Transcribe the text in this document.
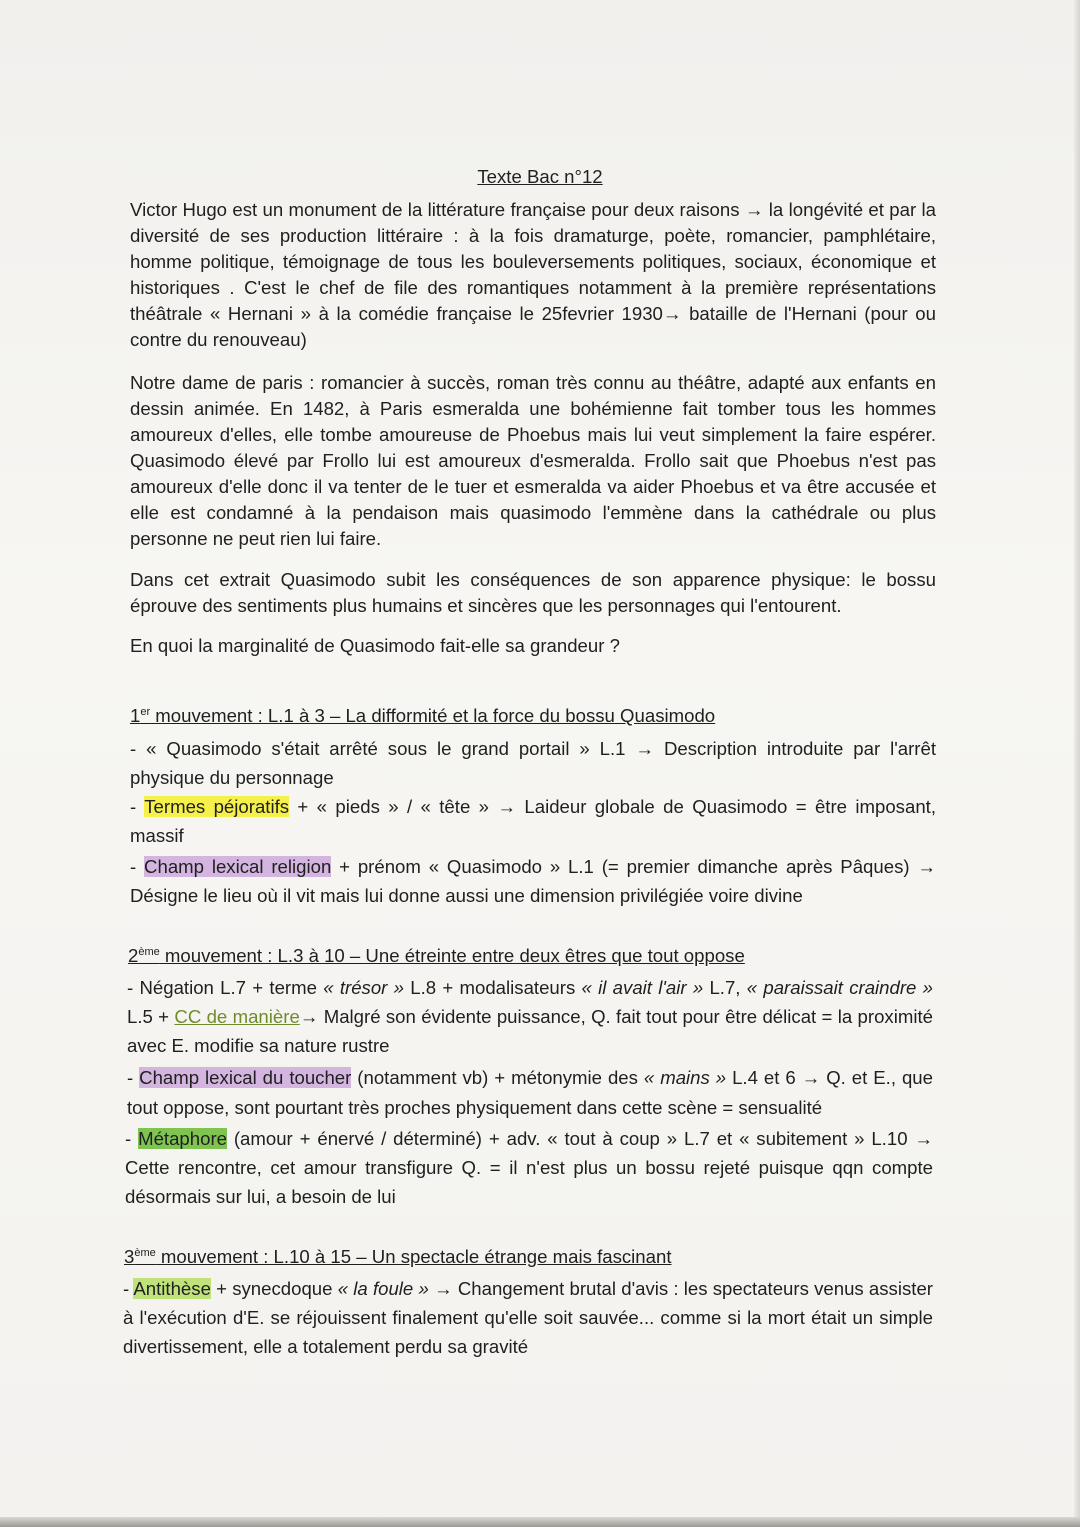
Texte Bac n°12

Victor Hugo est un monument de la littérature française pour deux raisons → la longévité et par la diversité de ses production littéraire : à la fois dramaturge, poète, romancier, pamphlétaire, homme politique, témoignage de tous les bouleversements politiques, sociaux, économique et historiques . C'est le chef de file des romantiques notamment à la première représentations théâtrale « Hernani » à la comédie française le 25fevrier 1930→ bataille de l'Hernani (pour ou contre du renouveau)

Notre dame de paris : romancier à succès, roman très connu au théâtre, adapté aux enfants en dessin animée. En 1482, à Paris esmeralda une bohémienne fait tomber tous les hommes amoureux d'elles, elle tombe amoureuse de Phoebus mais lui veut simplement la faire espérer. Quasimodo élevé par Frollo lui est amoureux d'esmeralda. Frollo sait que Phoebus n'est pas amoureux d'elle donc il va tenter de le tuer et esmeralda va aider Phoebus et va être accusée et elle est condamné à la pendaison mais quasimodo l'emmène dans la cathédrale ou plus personne ne peut rien lui faire.

Dans cet extrait Quasimodo subit les conséquences de son apparence physique: le bossu éprouve des sentiments plus humains et sincères que les personnages qui l'entourent.

En quoi la marginalité de Quasimodo fait-elle sa grandeur ?

1er mouvement : L.1 à 3 – La difformité et la force du bossu Quasimodo

- « Quasimodo s'était arrêté sous le grand portail » L.1 → Description introduite par l'arrêt physique du personnage

- Termes péjoratifs + « pieds » / « tête » → Laideur globale de Quasimodo = être imposant, massif

- Champ lexical religion + prénom « Quasimodo » L.1 (= premier dimanche après Pâques) → Désigne le lieu où il vit mais lui donne aussi une dimension privilégiée voire divine

2ème mouvement : L.3 à 10 – Une étreinte entre deux êtres que tout oppose

- Négation L.7 + terme « trésor » L.8 + modalisateurs « il avait l'air » L.7, « paraissait craindre » L.5 + CC de manière→ Malgré son évidente puissance, Q. fait tout pour être délicat = la proximité avec E. modifie sa nature rustre

- Champ lexical du toucher (notamment vb) + métonymie des « mains » L.4 et 6 → Q. et E., que tout oppose, sont pourtant très proches physiquement dans cette scène = sensualité

- Métaphore (amour + énervé / déterminé) + adv. « tout à coup » L.7 et « subitement » L.10 → Cette rencontre, cet amour transfigure Q. = il n'est plus un bossu rejeté puisque qqn compte désormais sur lui, a besoin de lui

3ème mouvement : L.10 à 15 – Un spectacle étrange mais fascinant

- Antithèse + synecdoque « la foule » → Changement brutal d'avis : les spectateurs venus assister à l'exécution d'E. se réjouissent finalement qu'elle soit sauvée... comme si la mort était un simple divertissement, elle a totalement perdu sa gravité
